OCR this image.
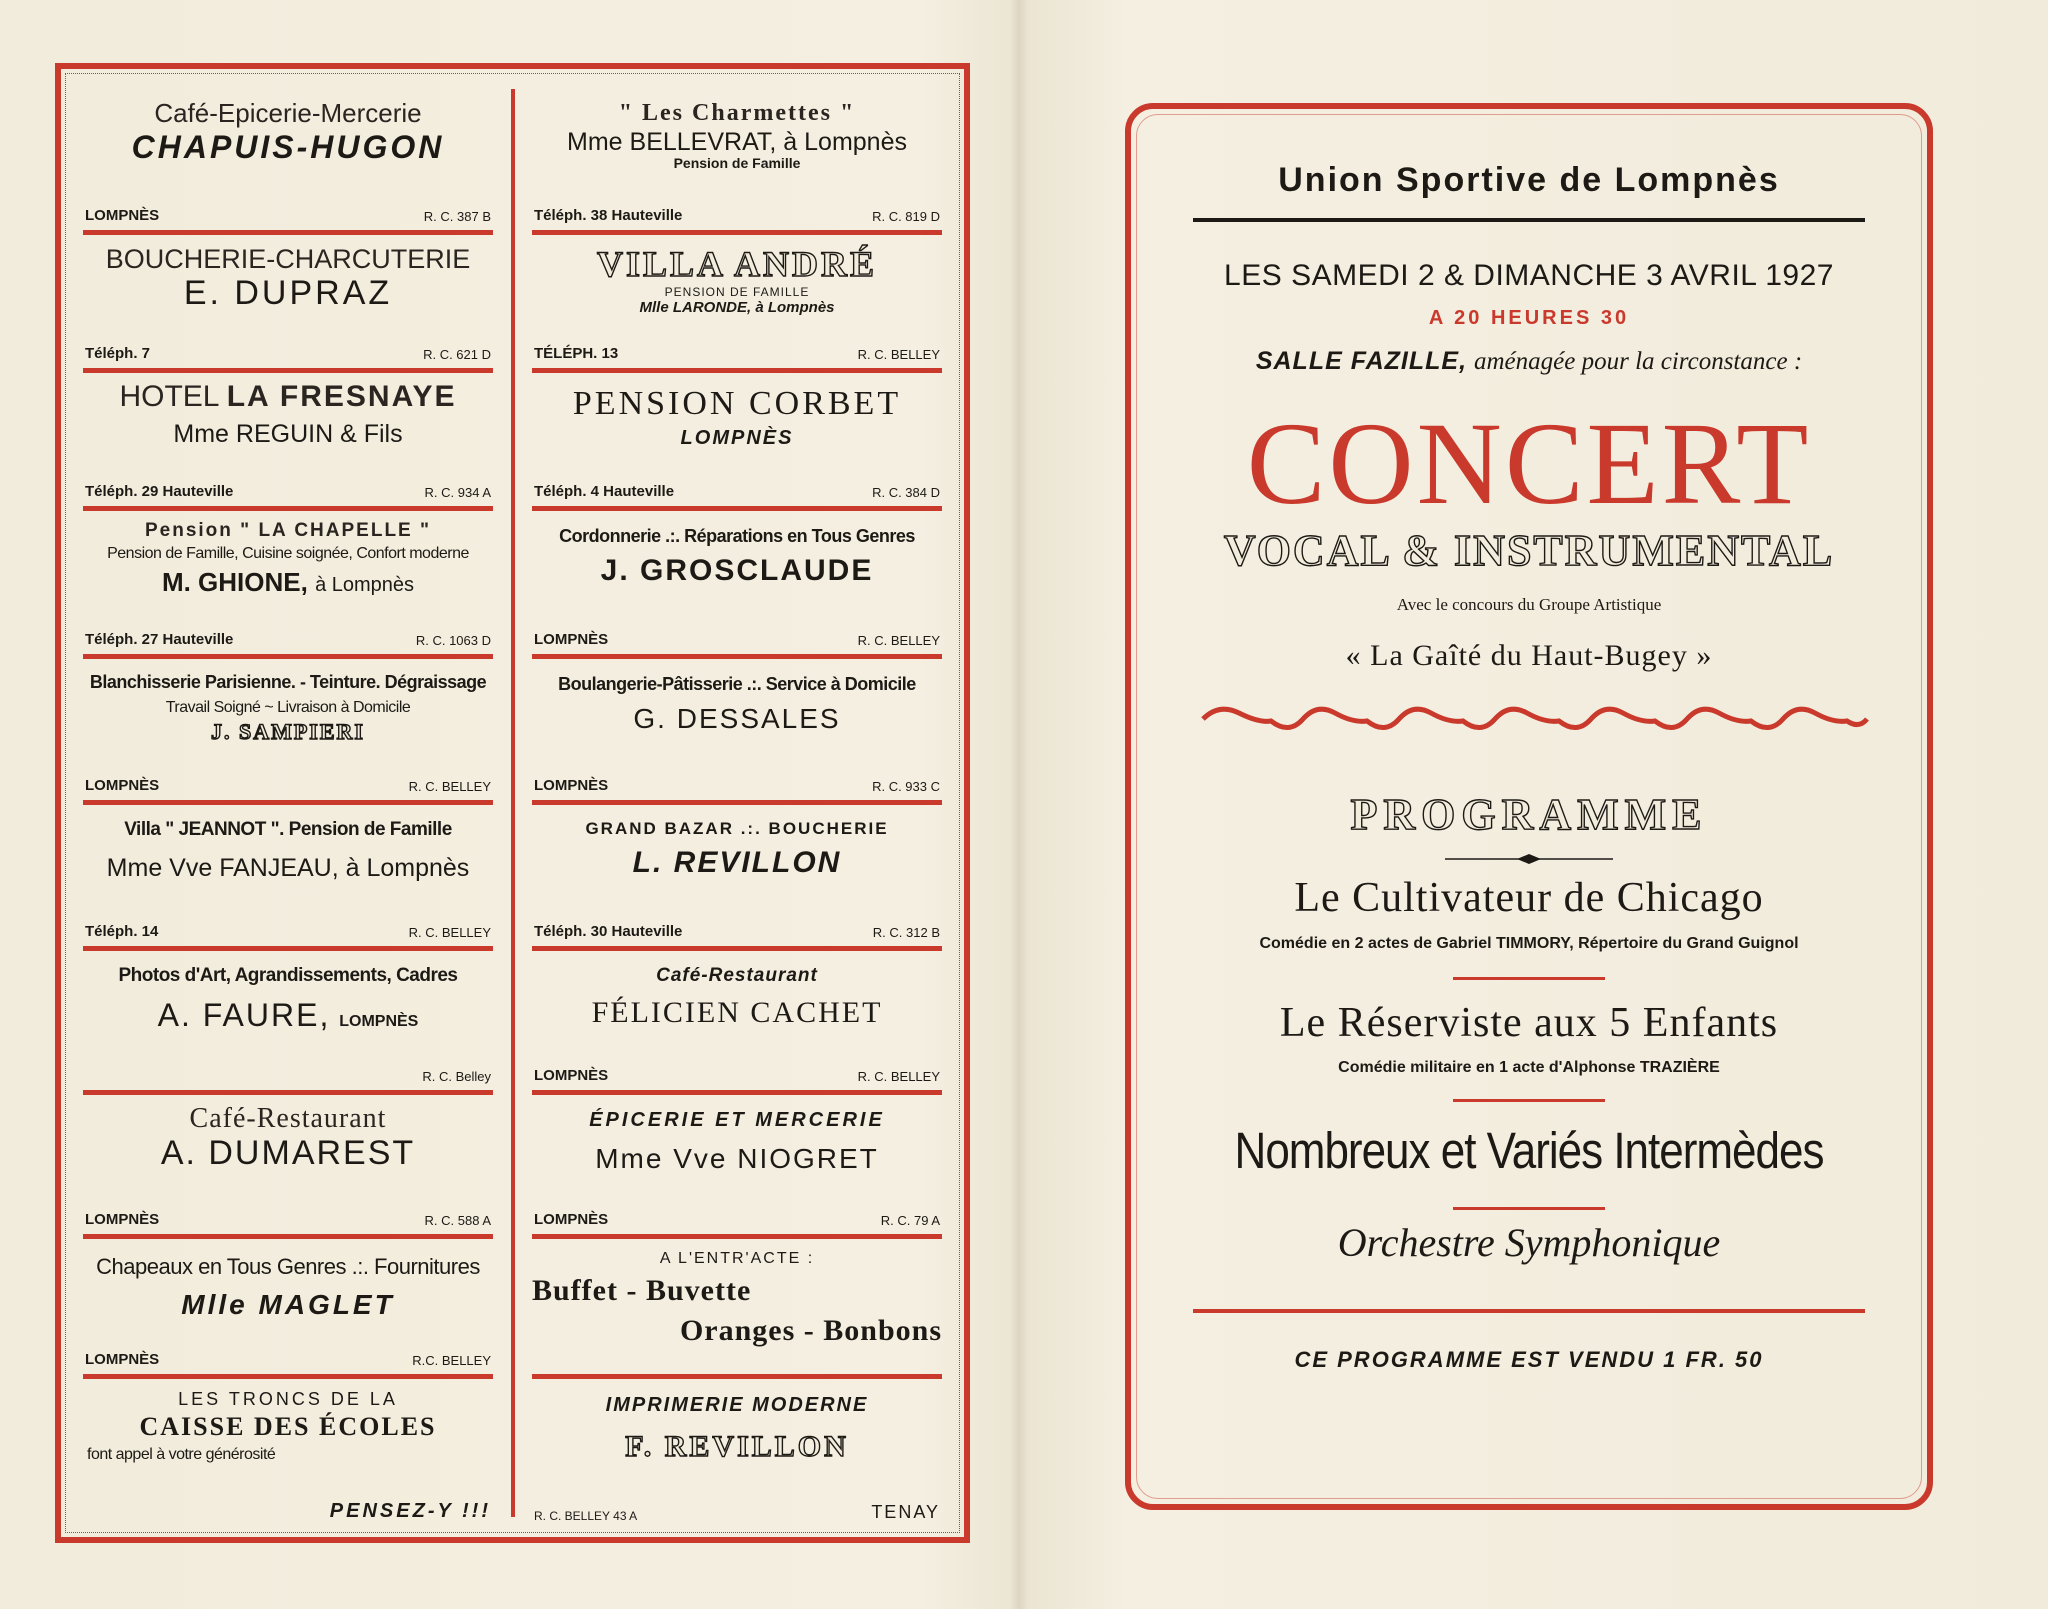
Café-Epicerie-Mercerie
CHAPUIS-HUGON
LOMPNÈS	R. C. 387 B
BOUCHERIE-CHARCUTERIE
E. DUPRAZ
Téléph. 7	R. C. 621 D
HOTEL LA FRESNAYE
Mme REGUIN & Fils
Téléph. 29 Hauteville	R. C. 934 A
Pension " LA CHAPELLE "
Pension de Famille, Cuisine soignée, Confort moderne
M. GHIONE, à Lompnès
Téléph. 27 Hauteville	R. C. 1063 D
Blanchisserie Parisienne. - Teinture. Dégraissage
Travail Soigné ~ Livraison à Domicile
J. SAMPIERI
LOMPNÈS	R. C. BELLEY
Villa " JEANNOT ". Pension de Famille
Mme Vve FANJEAU, à Lompnès
Téléph. 14	R. C. BELLEY
Photos d'Art, Agrandissements, Cadres
A. FAURE, LOMPNÈS
R. C. Belley
Café-Restaurant
A. DUMAREST
LOMPNÈS	R. C. 588 A
Chapeaux en Tous Genres .:. Fournitures
Mlle MAGLET
LOMPNÈS	R.C. BELLEY
LES TRONCS DE LA
CAISSE DES ÉCOLES
font appel à votre générosité
PENSEZ-Y !!!
" Les Charmettes "
Mme BELLEVRAT, à Lompnès
Pension de Famille
Téléph. 38 Hauteville	R. C. 819 D
VILLA ANDRÉ
PENSION DE FAMILLE
Mlle LARONDE, à Lompnès
TÉLÉPH. 13	R. C. BELLEY
PENSION CORBET
LOMPNÈS
Téléph. 4 Hauteville	R. C. 384 D
Cordonnerie .:. Réparations en Tous Genres
J. GROSCLAUDE
LOMPNÈS	R. C. BELLEY
Boulangerie-Pâtisserie .:. Service à Domicile
G. DESSALES
LOMPNÈS	R. C. 933 C
GRAND BAZAR .:. BOUCHERIE
L. REVILLON
Téléph. 30 Hauteville	R. C. 312 B
Café-Restaurant
FÉLICIEN CACHET
LOMPNÈS	R. C. BELLEY
ÉPICERIE ET MERCERIE
Mme Vve NIOGRET
LOMPNÈS	R. C. 79 A
A L'ENTR'ACTE :
Buffet - Buvette
Oranges - Bonbons
IMPRIMERIE MODERNE
F. REVILLON
R. C. BELLEY 43 A	TENAY
Union Sportive de Lompnès
LES SAMEDI 2 & DIMANCHE 3 AVRIL 1927
A 20 HEURES 30
SALLE FAZILLE, aménagée pour la circonstance :
CONCERT
VOCAL & INSTRUMENTAL
Avec le concours du Groupe Artistique
« La Gaîté du Haut-Bugey »
PROGRAMME
Le Cultivateur de Chicago
Comédie en 2 actes de Gabriel TIMMORY, Répertoire du Grand Guignol
Le Réserviste aux 5 Enfants
Comédie militaire en 1 acte d'Alphonse TRAZIÈRE
Nombreux et Variés Intermèdes
Orchestre Symphonique
CE PROGRAMME EST VENDU 1 FR. 50
